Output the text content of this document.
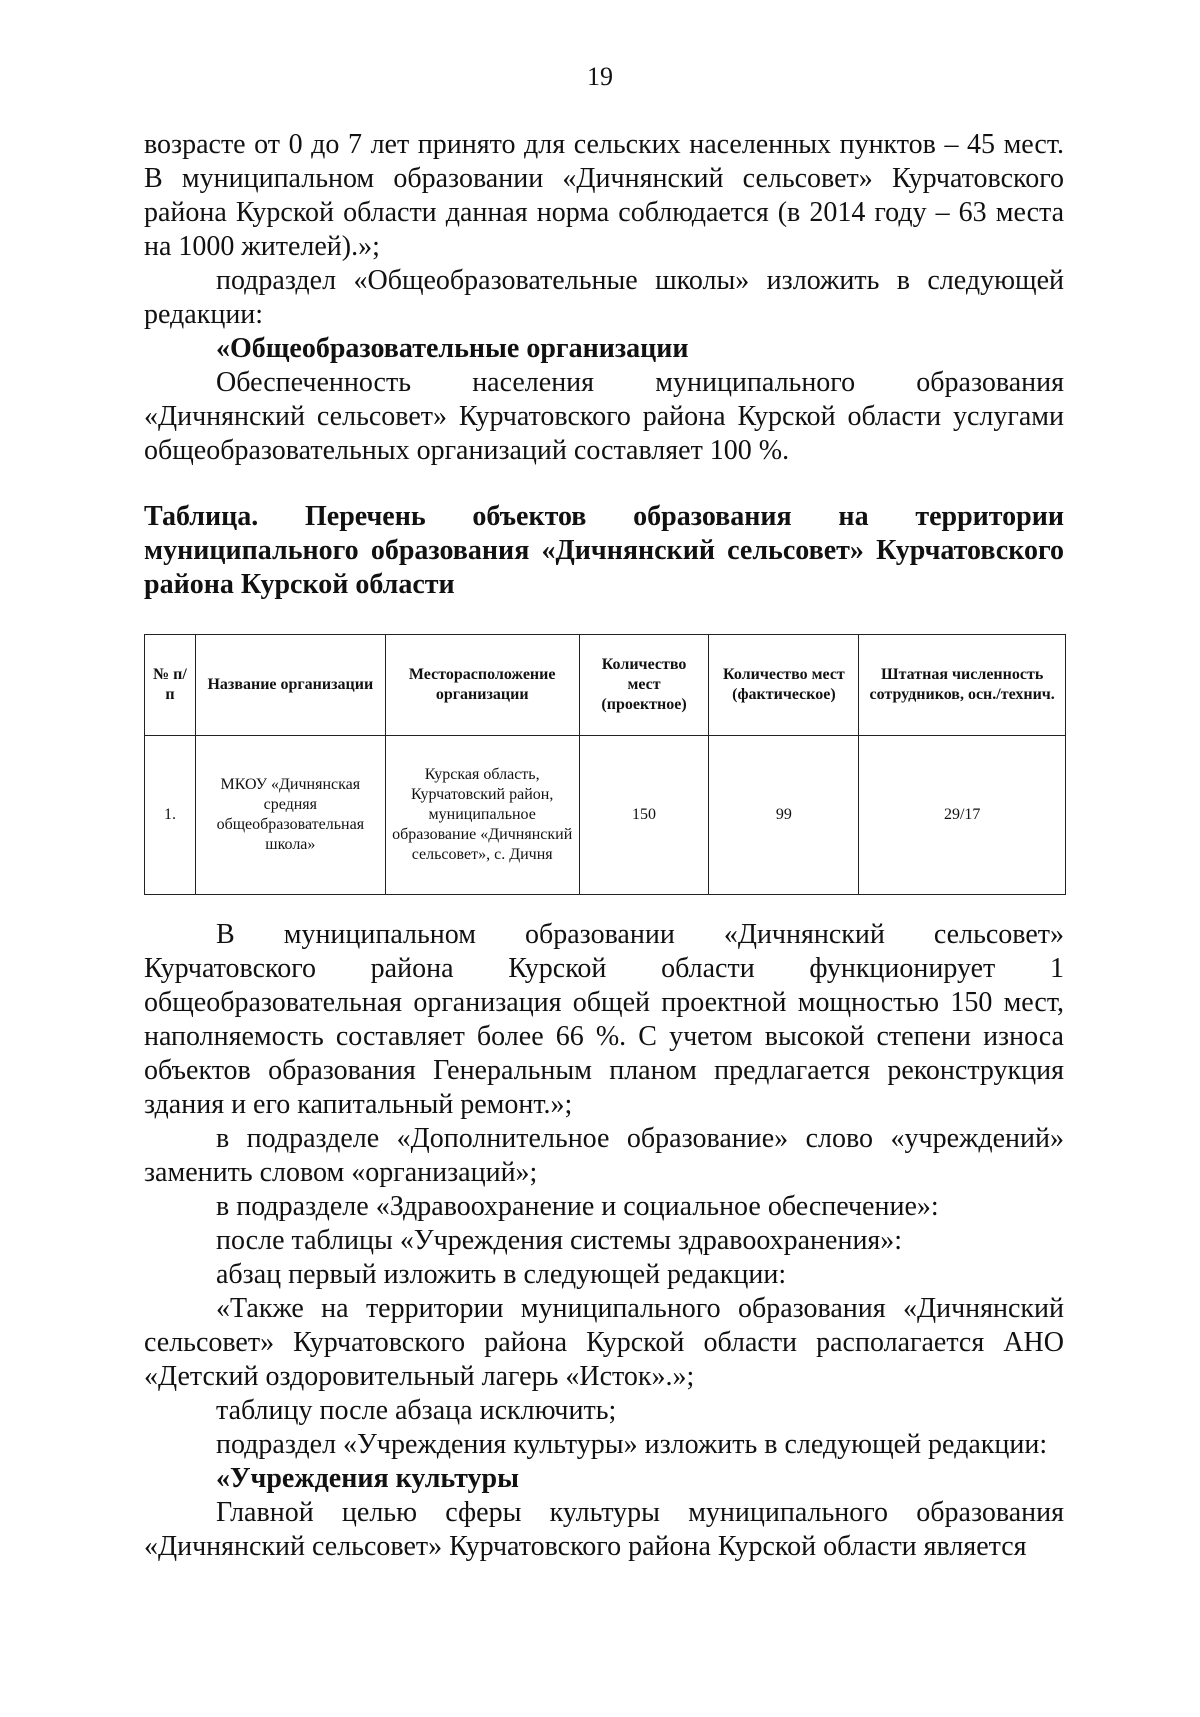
19

возрасте от 0 до 7 лет принято для сельских населенных пунктов – 45 мест. В муниципальном образовании «Дичнянский сельсовет» Курчатовского района Курской области данная норма соблюдается (в 2014 году – 63 места на 1000 жителей).»;

подраздел «Общеобразовательные школы» изложить в следующей редакции:

«Общеобразовательные организации

Обеспеченность населения муниципального образования «Дичнянский сельсовет» Курчатовского района Курской области услугами общеобразовательных организаций составляет 100 %.

Таблица. Перечень объектов образования на территории муниципального образования «Дичнянский сельсовет» Курчатовского района Курской области
№ п/п	Название организации	Месторасположение организации	Количество мест (проектное)	Количество мест (фактическое)	Штатная численность сотрудников, осн./технич.
1.	МКОУ «Дичнянская средняя общеобразовательная школа»	Курская область, Курчатовский район, муниципальное образование «Дичнянский сельсовет», с. Дичня	150	99	29/17

В муниципальном образовании «Дичнянский сельсовет» Курчатовского района Курской области функционирует 1 общеобразовательная организация общей проектной мощностью 150 мест, наполняемость составляет более 66 %. С учетом высокой степени износа объектов образования Генеральным планом предлагается реконструкция здания и его капитальный ремонт.»;

в подразделе «Дополнительное образование» слово «учреждений» заменить словом «организаций»;

в подразделе «Здравоохранение и социальное обеспечение»:

после таблицы «Учреждения системы здравоохранения»:

абзац первый изложить в следующей редакции:

«Также на территории муниципального образования «Дичнянский сельсовет» Курчатовского района Курской области располагается АНО «Детский оздоровительный лагерь «Исток».»;

таблицу после абзаца исключить;

подраздел «Учреждения культуры» изложить в следующей редакции:

«Учреждения культуры

Главной целью сферы культуры муниципального образования «Дичнянский сельсовет» Курчатовского района Курской области является
